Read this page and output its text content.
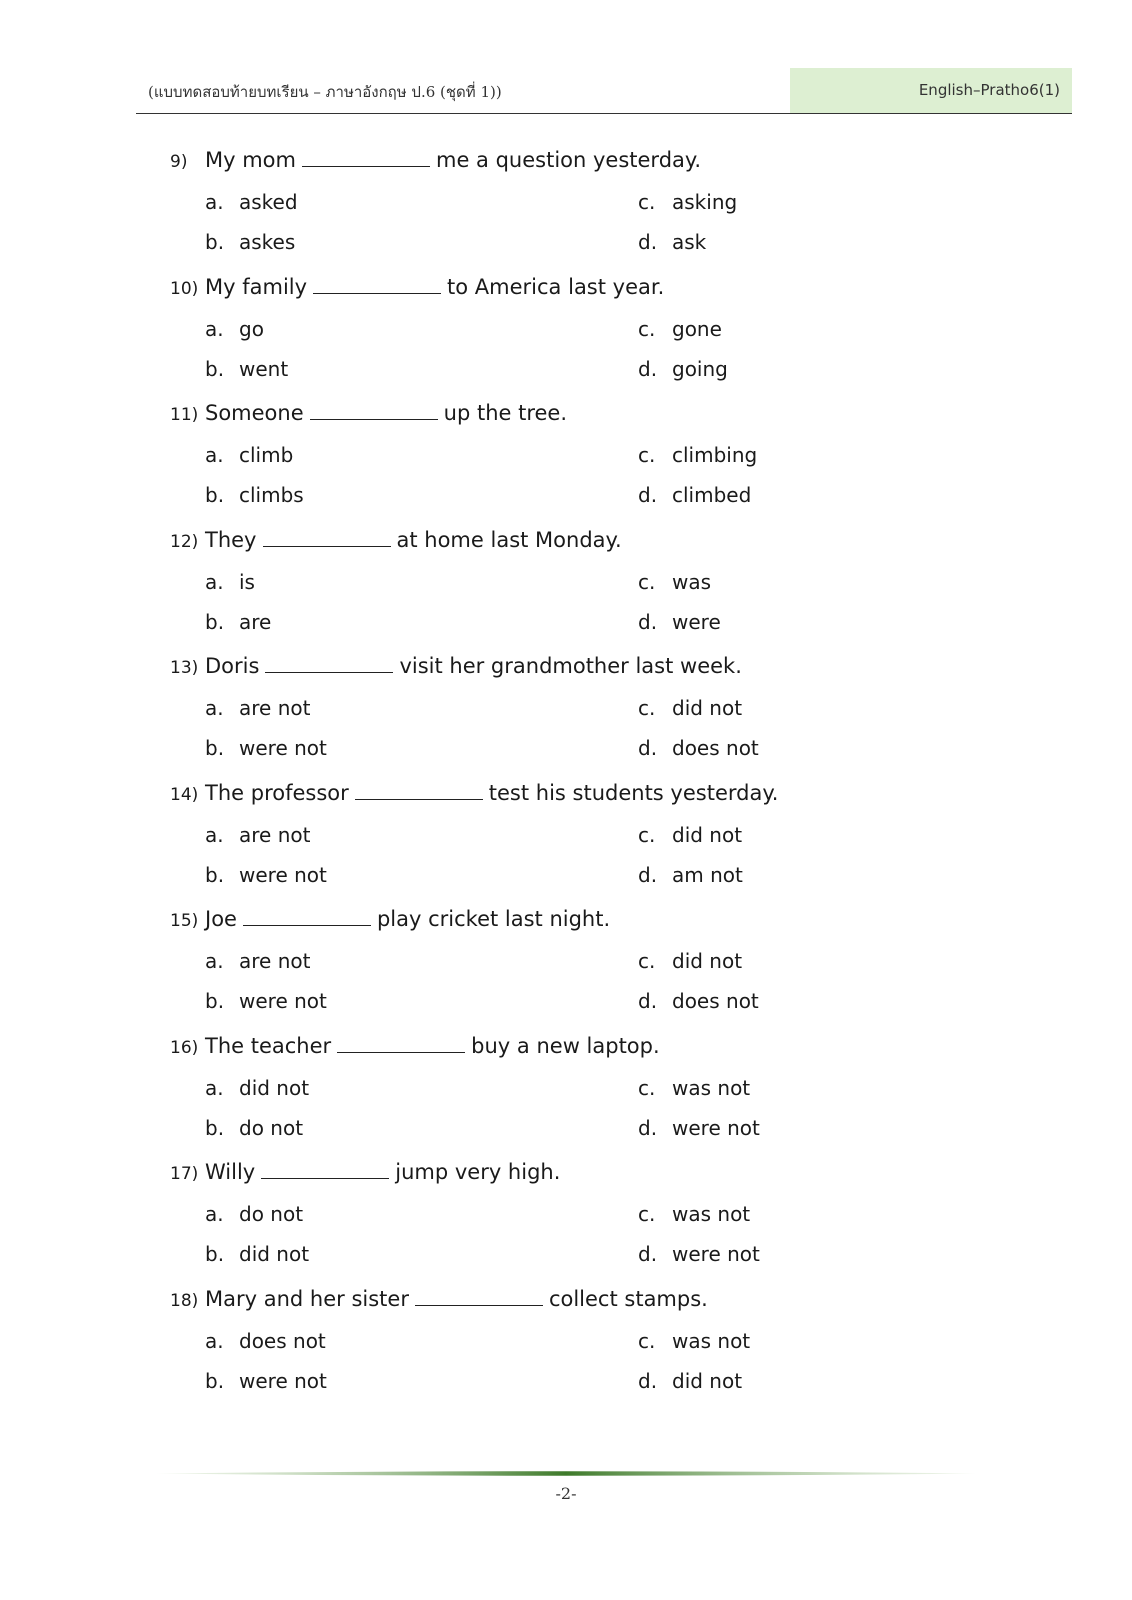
(แบบทดสอบท้ายบทเรียน – ภาษาอังกฤษ ป.6 (ชุดที่ 1))	English–Pratho6(1)
9) My mom	me a question yesterday.
a. asked
b. askes
c. asking
d. ask
10) My family	to America last year.
a. go
b. went
c. gone
d. going
11) Someone	up the tree.
a. climb
b. climbs
c. climbing
d. climbed
12) They	at home last Monday.
a. is
b. are
c. was
d. were
13) Doris	visit her grandmother last week.
a. are not
b. were not
c. did not
d. does not
14) The professor	test his students yesterday.
a. are not
b. were not
c. did not
d. am not
15) Joe	play cricket last night.
a. are not
b. were not
c. did not
d. does not
16) The teacher	buy a new laptop.
a. did not
b. do not
c. was not
d. were not
17) Willy	jump very high.
a. do not
b. did not
c. was not
d. were not
18) Mary and her sister	collect stamps.
a. does not
b. were not
c. was not
d. did not
-2-
